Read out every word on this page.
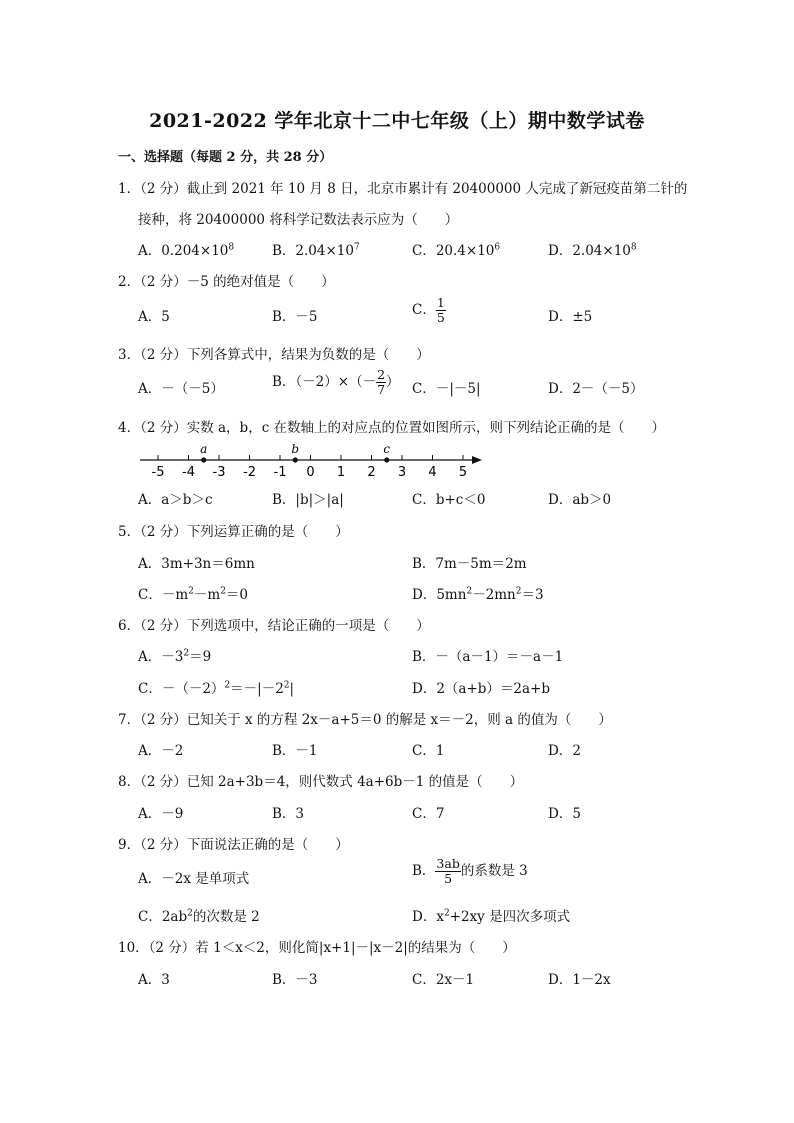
2021-2022 学年北京十二中七年级（上）期中数学试卷
一、选择题（每题 2 分，共 28 分）
1．（2 分）截止到 2021 年 10 月 8 日，北京市累计有 20400000 人完成了新冠疫苗第二针的
接种，将 20400000 将科学记数法表示应为（　　）
A．$0.204\times 10^8$	B．$2.04\times 10^7$	C．$20.4\times 10^6$	D．$2.04\times 10^8$
2．（2 分）－5 的绝对值是（　　）
A．5	B．－5	C． $\frac{1}{5}$	D．±5
3．（2 分）下列各算式中，结果为负数的是（　　）
A．－（－5）	B．$(-2)\times(- \frac{2}{7}$ ） C．－|－5|	D．2－（－5）
4．（2 分）实数 a，b，c 在数轴上的对应点的位置如图所示，则下列结论正确的是（　　）
-5 -4 -3 -2 -1 0 1 2 3 4 5
a	b	c
A．a＞b＞c	B．|b|＞|a|	C．b+c＜0	D．ab＞0
5．（2 分）下列运算正确的是（　　）
A．3m+3n＝6mn	B．7m－5m＝2m
C．$-m^2-m^2=0$	D．$5mn^2-2mn^2=3$
6．（2 分）下列选项中，结论正确的一项是（　　）
A．$-3^2=9$	B．－（a－1）＝－a－1
C．$-(-2)^2=-|-2^2|$	D．2（a+b）＝2a+b
7．（2 分）已知关于 x 的方程 2x－a+5＝0 的解是 x＝－2，则 a 的值为（　　）
A．－2	B．－1	C．1	D．2
8．（2 分）已知 2a+3b＝4，则代数式 4a+6b－1 的值是（　　）
A．－9	B．3	C．7	D．5
9．（2 分）下面说法正确的是（　　）
A．－2x 是单项式	B． $\frac{3ab}{5}$ 的系数是 3
C．$2ab^2$的次数是 2	D．$x^2+2xy$ 是四次多项式
10．（2 分）若 1＜x＜2，则化简|x+1|－|x－2|的结果为（　　）
A．3	B．－3	C．2x－1	D．1－2x
